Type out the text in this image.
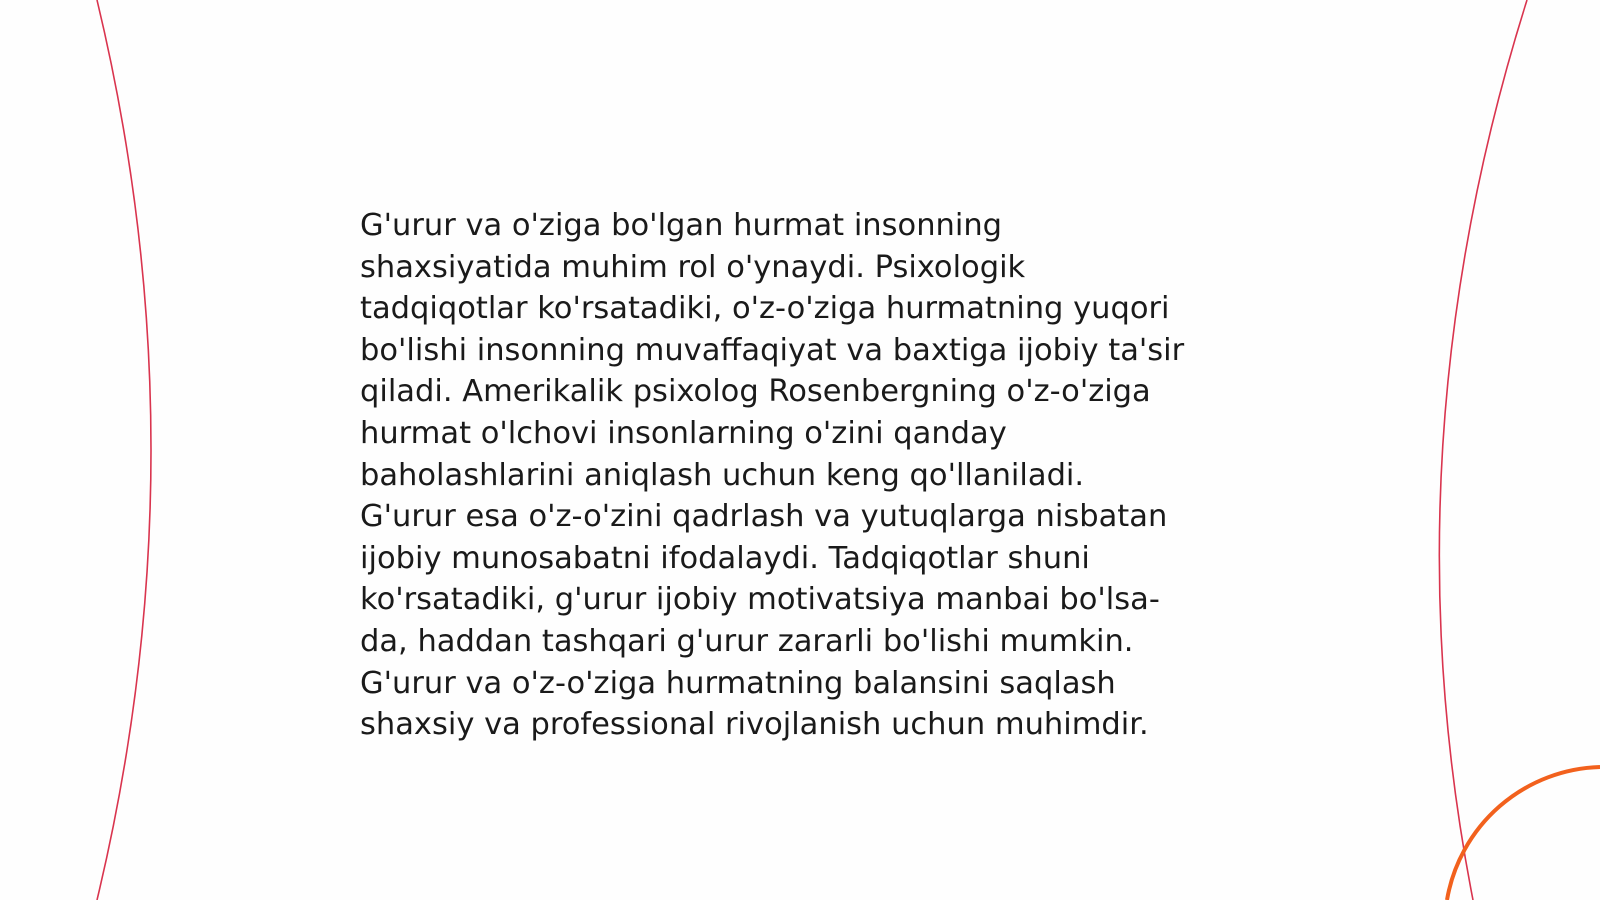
G'urur va o'ziga bo'lgan hurmat insonning
shaxsiyatida muhim rol o'ynaydi. Psixologik
tadqiqotlar ko'rsatadiki, o'z-o'ziga hurmatning yuqori
bo'lishi insonning muvaffaqiyat va baxtiga ijobiy ta'sir
qiladi. Amerikalik psixolog Rosenbergning o'z-o'ziga
hurmat o'lchovi insonlarning o'zini qanday
baholashlarini aniqlash uchun keng qo'llaniladi.
G'urur esa o'z-o'zini qadrlash va yutuqlarga nisbatan
ijobiy munosabatni ifodalaydi. Tadqiqotlar shuni
ko'rsatadiki, g'urur ijobiy motivatsiya manbai bo'lsa-
da, haddan tashqari g'urur zararli bo'lishi mumkin.
G'urur va o'z-o'ziga hurmatning balansini saqlash
shaxsiy va professional rivojlanish uchun muhimdir.
